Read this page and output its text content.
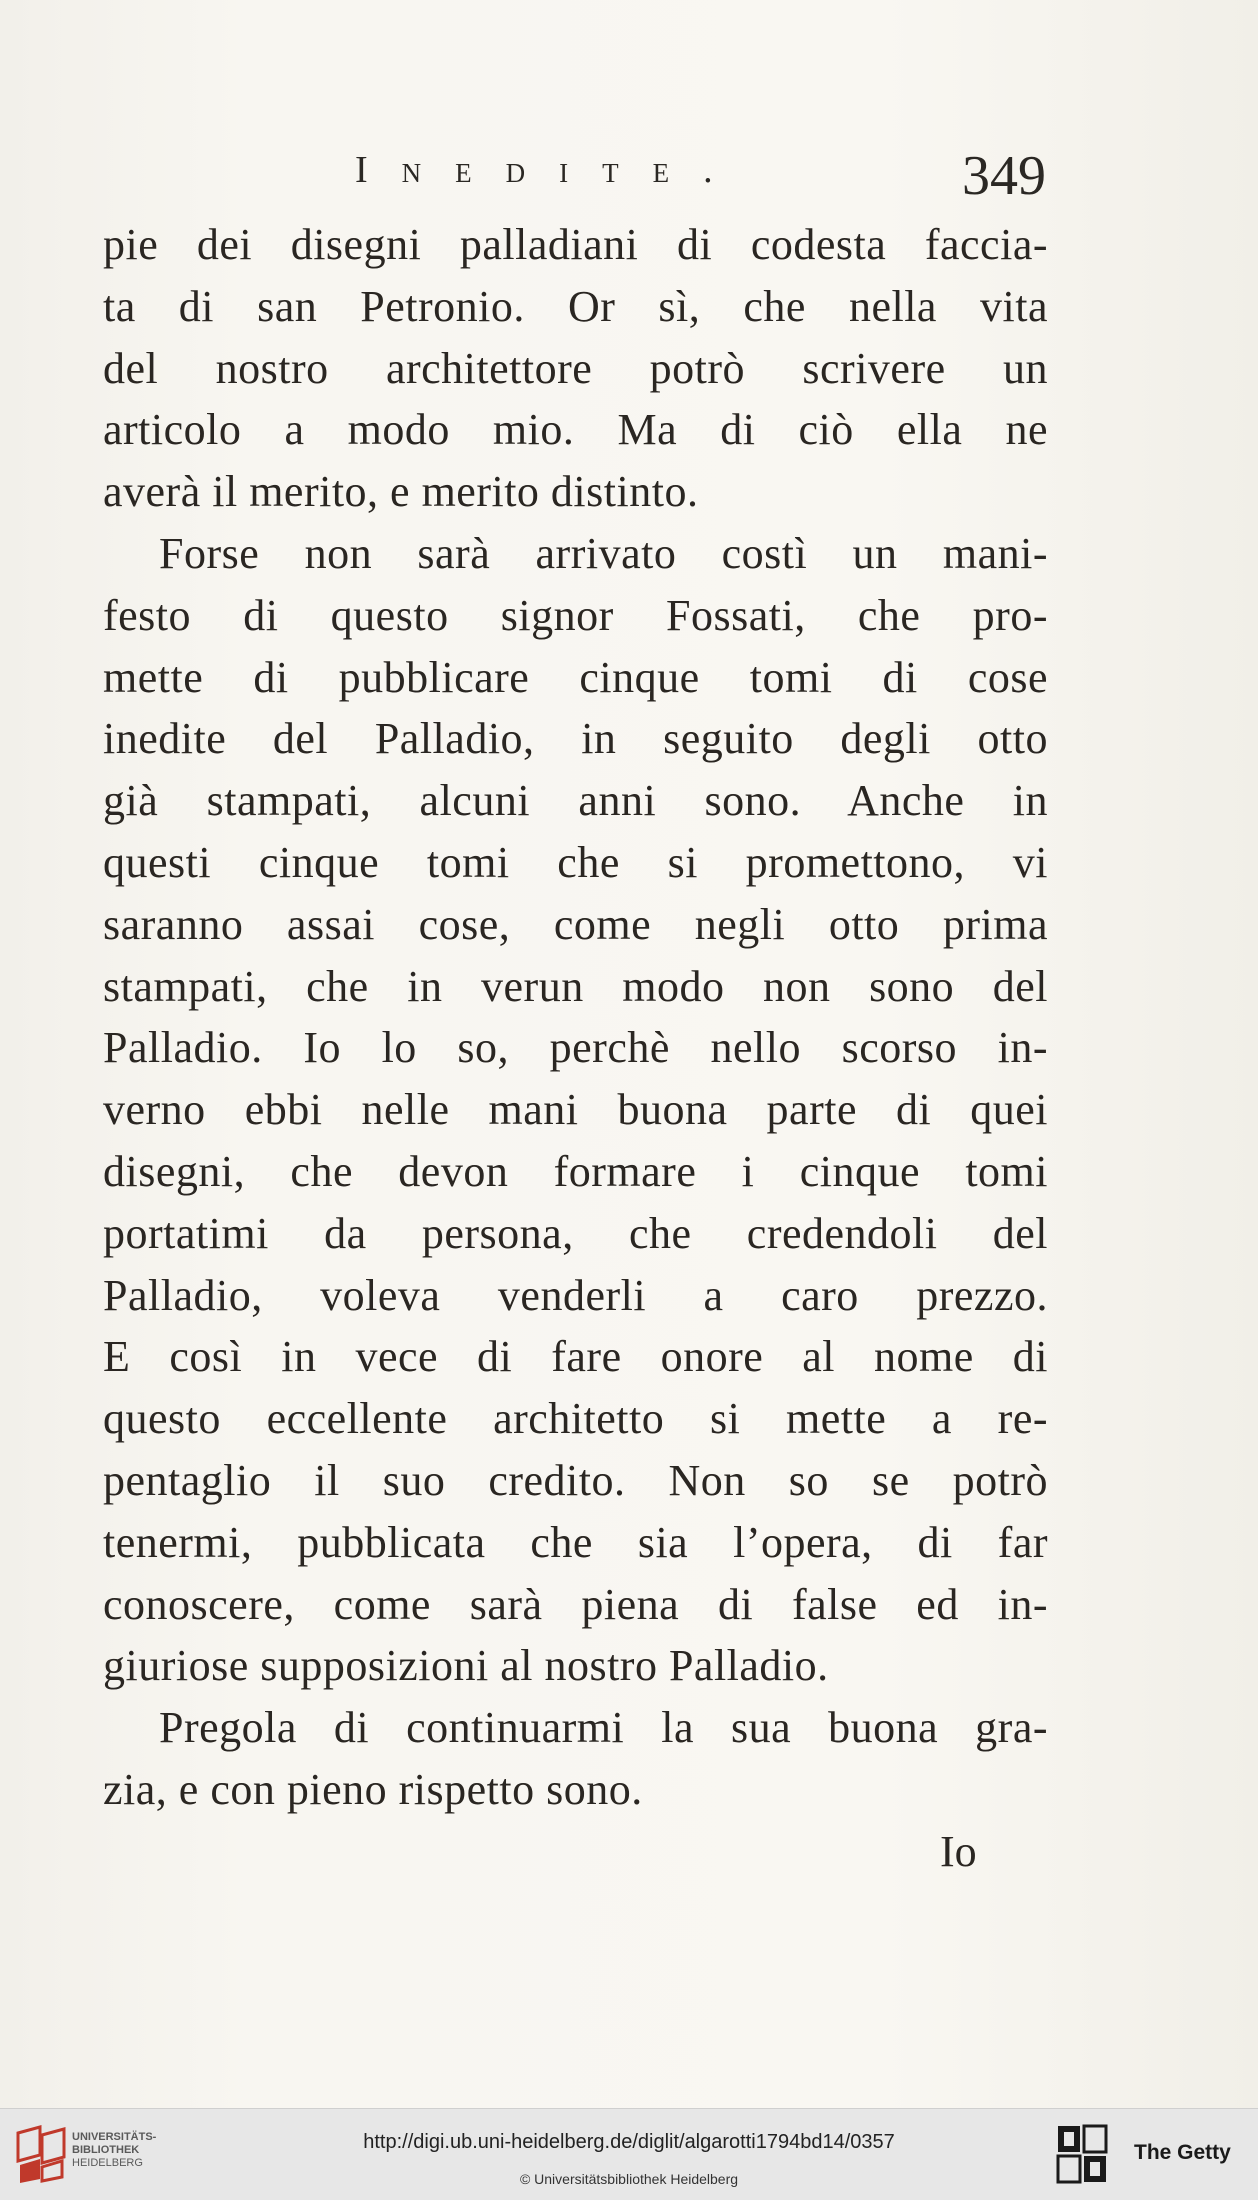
Inedite.	349
pie dei disegni palladiani di codesta faccia-
ta di san Petronio. Or sì, che nella vita
del nostro architettore potrò scrivere un
articolo a modo mio. Ma di ciò ella ne
averà il merito, e merito distinto.
Forse non sarà arrivato costì un mani-
festo di questo signor Fossati, che pro-
mette di pubblicare cinque tomi di cose
inedite del Palladio, in seguito degli otto
già stampati, alcuni anni sono. Anche in
questi cinque tomi che si promettono, vi
saranno assai cose, come negli otto prima
stampati, che in verun modo non sono del
Palladio. Io lo so, perchè nello scorso in-
verno ebbi nelle mani buona parte di quei
disegni, che devon formare i cinque tomi
portatimi da persona, che credendoli del
Palladio, voleva venderli a caro prezzo.
E così in vece di fare onore al nome di
questo eccellente architetto si mette a re-
pentaglio il suo credito. Non so se potrò
tenermi, pubblicata che sia l’opera, di far
conoscere, come sarà piena di false ed in-
giuriose supposizioni al nostro Palladio.
Pregola di continuarmi la sua buona gra-
zia, e con pieno rispetto sono.
Io
UNIVERSITÄTS-
BIBLIOTHEK
HEIDELBERG
http://digi.ub.uni-heidelberg.de/diglit/algarotti1794bd14/0357
© Universitätsbibliothek Heidelberg
The Getty
